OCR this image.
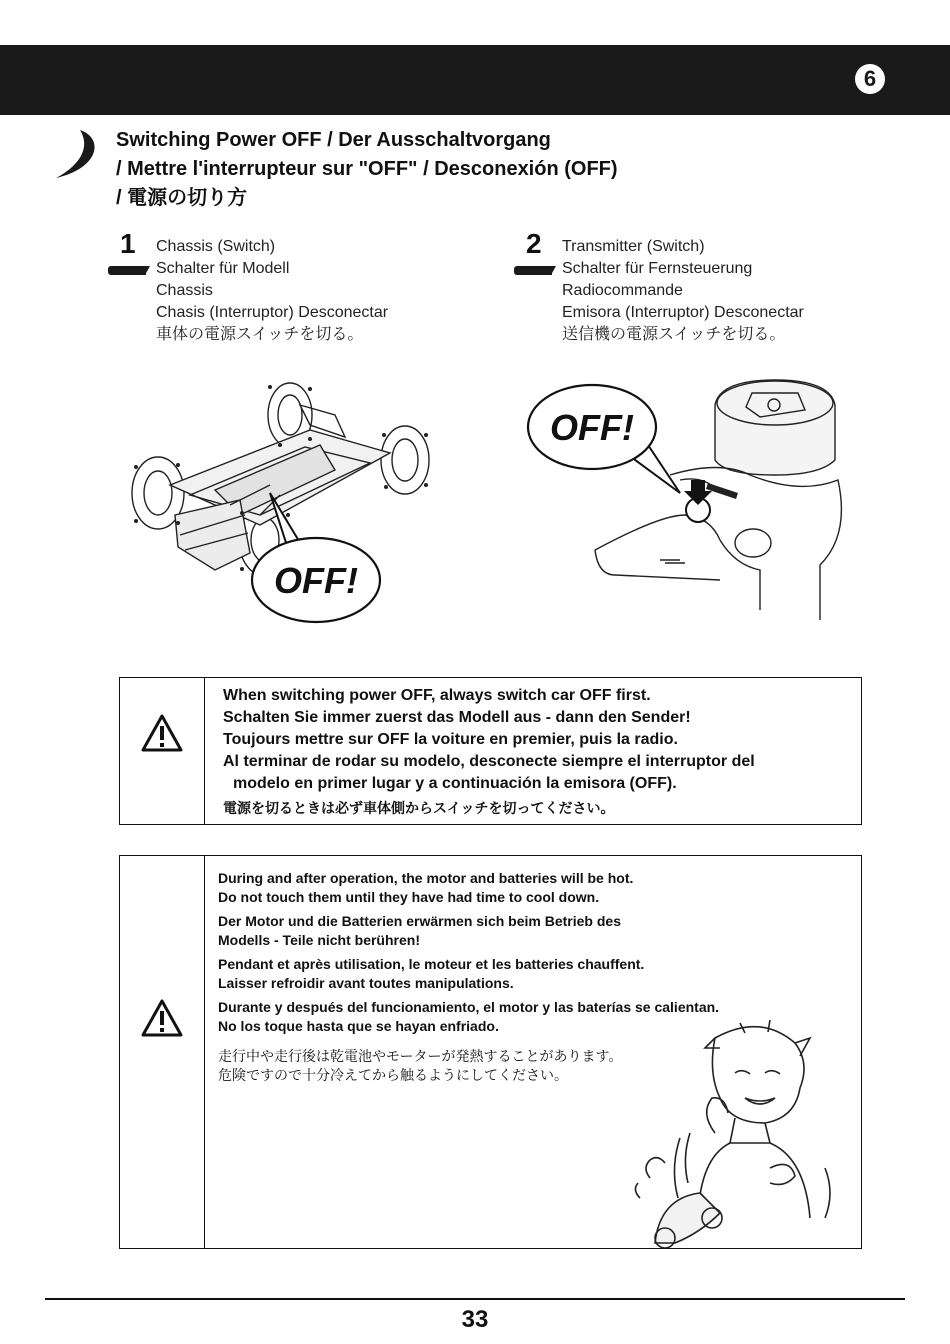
6
Switching Power OFF / Der Ausschaltvorgang
/ Mettre l'interrupteur sur "OFF" / Desconexión (OFF)
/ 電源の切り方
1 Chassis (Switch)
Schalter für Modell
Chassis
Chasis (Interruptor) Desconectar
車体の電源スイッチを切る。
2 Transmitter (Switch)
Schalter für Fernsteuerung
Radiocommande
Emisora (Interruptor) Desconectar
送信機の電源スイッチを切る。
OFF!
OFF!
When switching power OFF, always switch car OFF first.
Schalten Sie immer zuerst das Modell aus - dann den Sender!
Toujours mettre sur OFF la voiture en premier, puis la radio.
Al terminar de rodar su modelo, desconecte siempre el interruptor del
modelo en primer lugar y a continuación la emisora (OFF).
電源を切るときは必ず車体側からスイッチを切ってください。
During and after operation, the motor and batteries will be hot.
Do not touch them until they have had time to cool down.
Der Motor und die Batterien erwärmen sich beim Betrieb des
Modells - Teile nicht berühren!
Pendant et après utilisation, le moteur et les batteries chauffent.
Laisser refroidir avant toutes manipulations.
Durante y después del funcionamiento, el motor y las baterías se calientan.
No los toque hasta que se hayan enfriado.
走行中や走行後は乾電池やモーターが発熱することがあります。
危険ですので十分冷えてから触るようにしてください。
33
